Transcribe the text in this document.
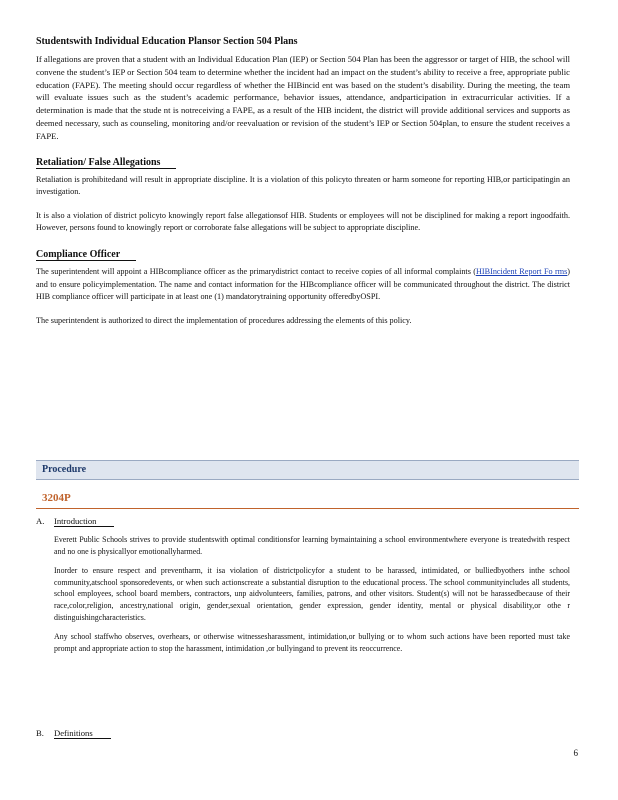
Studentswith Individual Education Plansor Section 504 Plans

If allegations are proven that a student with an Individual Education Plan (IEP) or Section 504 Plan has been the aggressor or target of HIB, the school will convene the student’s IEP or Section 504 team to determine whether the incident had an impact on the student’s ability to receive a free, appropriate public education (FAPE). The meeting should occur regardless of whether the HIBincid ent was based on the student’s disability. During the meeting, the team will evaluate issues such as the student’s academic performance, behavior issues, attendance, andparticipation in extracurricular activities. If a determination is made that the stude nt is notreceiving a FAPE, as a result of the HIB incident, the district will provide additional services and supports as deemed necessary, such as counseling, monitoring and/or reevaluation or revision of the student’s IEP or Section 504plan, to ensure the student receives a FAPE.

Retaliation/ False Allegations

Retaliation is prohibitedand will result in appropriate discipline. It is a violation of this policyto threaten or harm someone for reporting HIB,or participatingin an investigation.

It is also a violation of district policyto knowingly report false allegationsof HIB. Students or employees will not be disciplined for making a report ingoodfaith. However, persons found to knowingly report or corroborate false allegations will be subject to appropriate discipline.

Compliance Officer

The superintendent will appoint a HIBcompliance officer as the primarydistrict contact to receive copies of all informal complaints (HIBIncident Report Fo rms) and to ensure policyimplementation. The name and contact information for the HIBcompliance officer will be communicated throughout the district. The district HIB compliance officer will participate in at least one (1) mandatorytraining opportunity offeredbyOSPI.

The superintendent is authorized to direct the implementation of procedures addressing the elements of this policy.

Procedure
3204P
A.	Introduction

Everett Public Schools strives to provide studentswith optimal conditionsfor learning bymaintaining a school environmentwhere everyone is treatedwith respect and no one is physicallyor emotionallyharmed.

Inorder to ensure respect and preventharm, it isa violation of districtpolicyfor a student to be harassed, intimidated, or bulliedbyothers inthe school community,atschool sponsoredevents, or when such actionscreate a substantial disruption to the educational process. The school communityincludes all students, school employees, school board members, contractors, unp aidvolunteers, families, patrons, and other visitors. Student(s) will not be harassedbecause of their race,color,religion, ancestry,national origin, gender,sexual orientation, gender expression, gender identity, mental or physical disability,or othe r distinguishingcharacteristics.

Any school staffwho observes, overhears, or otherwise witnessesharassment, intimidation,or bullying or to whom such actions have been reported must take prompt and appropriate action to stop the harassment, intimidation ,or bullyingand to prevent its reoccurrence.

B.	Definitions
6
